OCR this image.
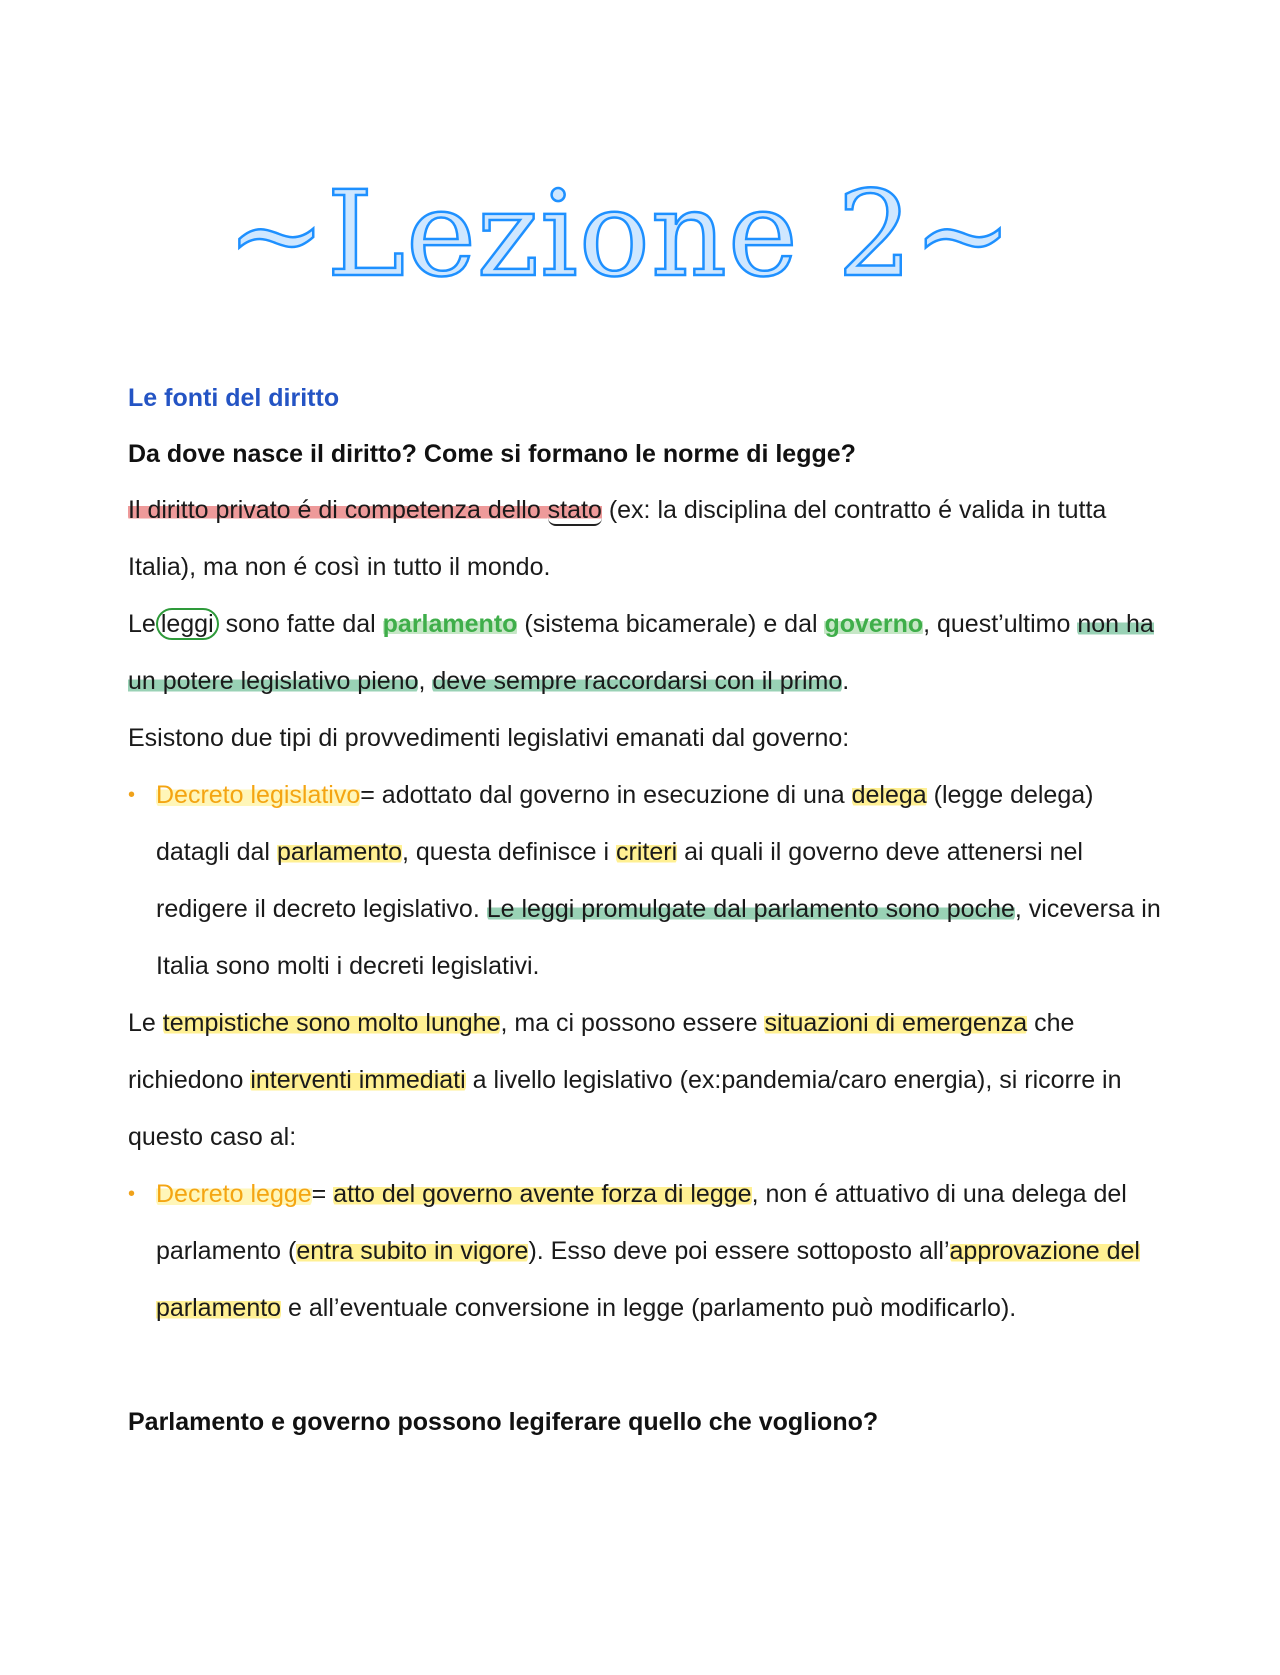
~Lezione 2~
Le fonti del diritto
Da dove nasce il diritto? Come si formano le norme di legge?

Il diritto privato é di competenza dello stato (ex: la disciplina del contratto é valida in tutta Italia), ma non é così in tutto il mondo.

Le leggi sono fatte dal parlamento (sistema bicamerale) e dal governo, quest’ultimo non ha un potere legislativo pieno, deve sempre raccordarsi con il primo.

Esistono due tipi di provvedimenti legislativi emanati dal governo:

• Decreto legislativo= adottato dal governo in esecuzione di una delega (legge delega) datagli dal parlamento, questa definisce i criteri ai quali il governo deve attenersi nel redigere il decreto legislativo. Le leggi promulgate dal parlamento sono poche, viceversa in Italia sono molti i decreti legislativi.

Le tempistiche sono molto lunghe, ma ci possono essere situazioni di emergenza che richiedono interventi immediati a livello legislativo (ex:pandemia/caro energia), si ricorre in questo caso al:

• Decreto legge= atto del governo avente forza di legge, non é attuativo di una delega del parlamento (entra subito in vigore). Esso deve poi essere sottoposto all’approvazione del parlamento e all’eventuale conversione in legge (parlamento può modificarlo).
Parlamento e governo possono legiferare quello che vogliono?
